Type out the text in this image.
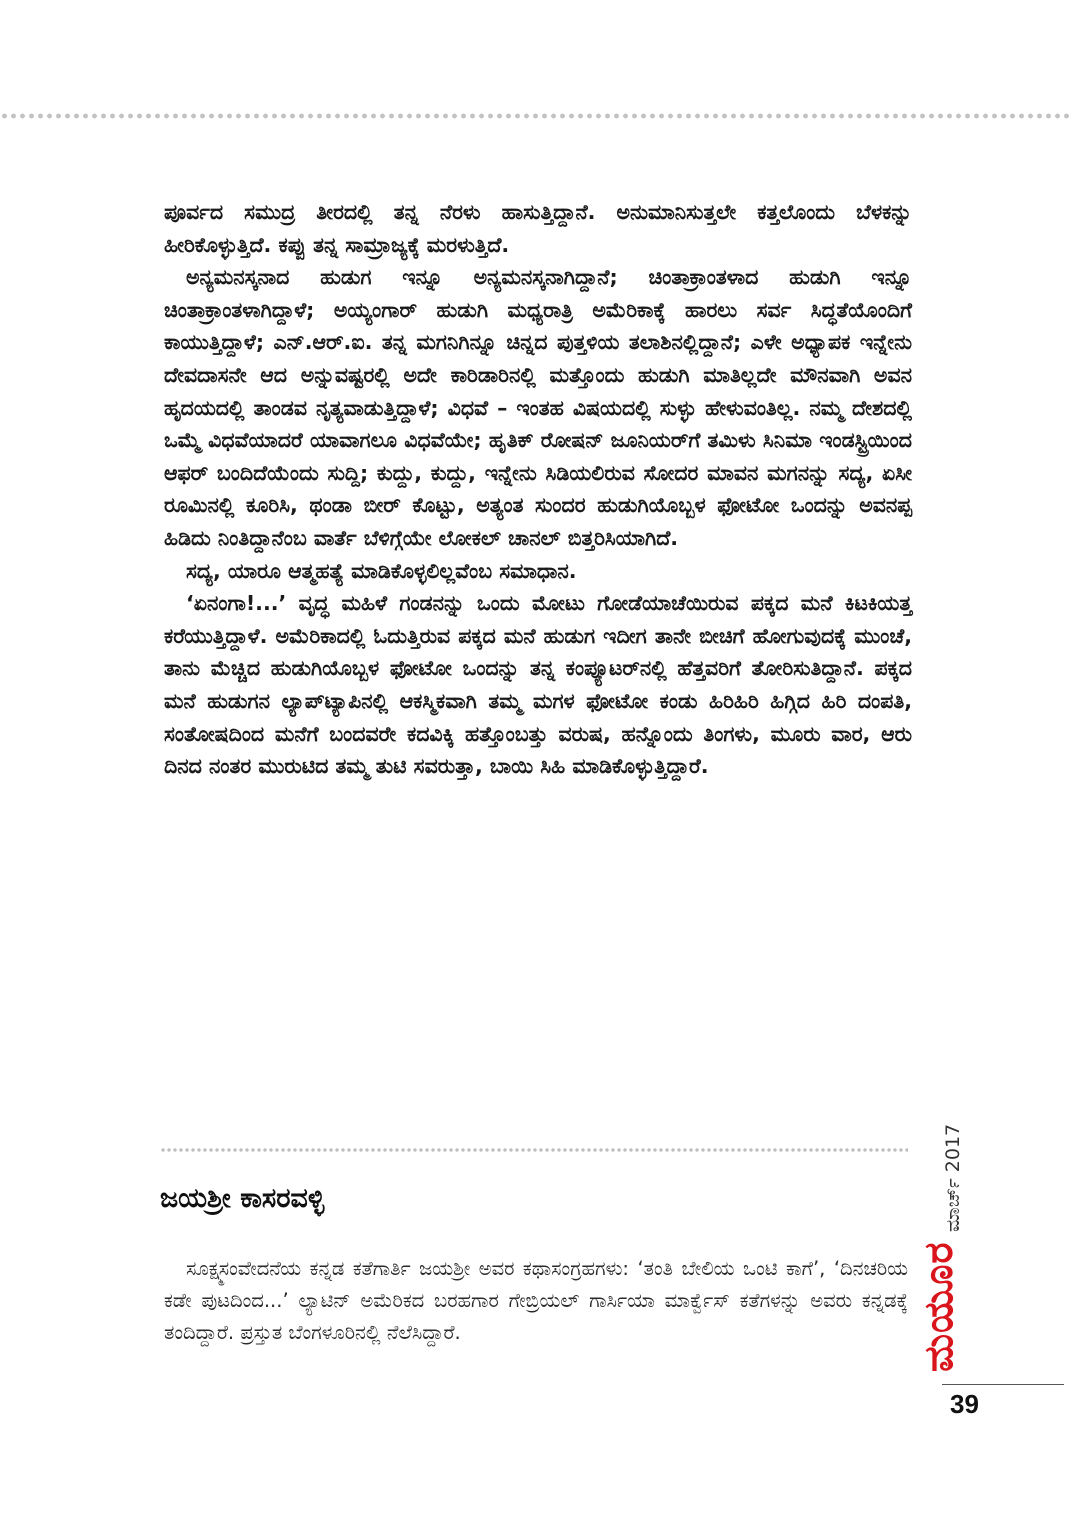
ಪೂರ್ವದ ಸಮುದ್ರ ತೀರದಲ್ಲಿ ತನ್ನ ನೆರಳು ಹಾಸುತ್ತಿದ್ದಾನೆ. ಅನುಮಾನಿಸುತ್ತಲೇ ಕತ್ತಲೊಂದು ಬೆಳಕನ್ನು ಹೀರಿಕೊಳ್ಳುತ್ತಿದೆ. ಕಪ್ಪು ತನ್ನ ಸಾಮ್ರಾಜ್ಯಕ್ಕೆ ಮರಳುತ್ತಿದೆ.

ಅನ್ಯಮನಸ್ಕನಾದ ಹುಡುಗ ಇನ್ನೂ ಅನ್ಯಮನಸ್ಕನಾಗಿದ್ದಾನೆ; ಚಿಂತಾಕ್ರಾಂತಳಾದ ಹುಡುಗಿ ಇನ್ನೂ ಚಿಂತಾಕ್ರಾಂತಳಾಗಿದ್ದಾಳೆ; ಅಯ್ಯಂಗಾರ್ ಹುಡುಗಿ ಮಧ್ಯರಾತ್ರಿ ಅಮೆರಿಕಾಕ್ಕೆ ಹಾರಲು ಸರ್ವ ಸಿದ್ಧತೆಯೊಂದಿಗೆ ಕಾಯುತ್ತಿದ್ದಾಳೆ; ಎನ್.ಆರ್.ಐ. ತನ್ನ ಮಗನಿಗಿನ್ನೂ ಚಿನ್ನದ ಪುತ್ತಳಿಯ ತಲಾಶಿನಲ್ಲಿದ್ದಾನೆ; ಎಳೇ ಅಧ್ಯಾಪಕ ಇನ್ನೇನು ದೇವದಾಸನೇ ಆದ ಅನ್ನುವಷ್ಟರಲ್ಲಿ ಅದೇ ಕಾರಿಡಾರಿನಲ್ಲಿ ಮತ್ತೊಂದು ಹುಡುಗಿ ಮಾತಿಲ್ಲದೇ ಮೌನವಾಗಿ ಅವನ ಹೃದಯದಲ್ಲಿ ತಾಂಡವ ನೃತ್ಯವಾಡುತ್ತಿದ್ದಾಳೆ; ವಿಧವೆ – ಇಂತಹ ವಿಷಯದಲ್ಲಿ ಸುಳ್ಳು ಹೇಳುವಂತಿಲ್ಲ. ನಮ್ಮ ದೇಶದಲ್ಲಿ ಒಮ್ಮೆ ವಿಧವೆಯಾದರೆ ಯಾವಾಗಲೂ ವಿಧವೆಯೇ; ಹೃತಿಕ್ ರೋಷನ್ ಜೂನಿಯರ್‌ಗೆ ತಮಿಳು ಸಿನಿಮಾ ಇಂಡಸ್ಟ್ರಿಯಿಂದ ಆಫರ್ ಬಂದಿದೆಯೆಂದು ಸುದ್ದಿ; ಕುದ್ದು, ಕುದ್ದು, ಇನ್ನೇನು ಸಿಡಿಯಲಿರುವ ಸೋದರ ಮಾವನ ಮಗನನ್ನು ಸದ್ಯ, ಏಸೀ ರೂಮಿನಲ್ಲಿ ಕೂರಿಸಿ, ಥಂಡಾ ಬೀರ್ ಕೊಟ್ಟು, ಅತ್ಯಂತ ಸುಂದರ ಹುಡುಗಿಯೊಬ್ಬಳ ಫೋಟೋ ಒಂದನ್ನು ಅವನಪ್ಪ ಹಿಡಿದು ನಿಂತಿದ್ದಾನೆಂಬ ವಾರ್ತೆ ಬೆಳಿಗ್ಗೆಯೇ ಲೋಕಲ್ ಚಾನಲ್ ಬಿತ್ತರಿಸಿಯಾಗಿದೆ.

ಸದ್ಯ, ಯಾರೂ ಆತ್ಮಹತ್ಯೆ ಮಾಡಿಕೊಳ್ಳಲಿಲ್ಲವೆಂಬ ಸಮಾಧಾನ.

‘ಏನಂಗಾ!...’ ವೃದ್ಧ ಮಹಿಳೆ ಗಂಡನನ್ನು ಒಂದು ಮೋಟು ಗೋಡೆಯಾಚೆಯಿರುವ ಪಕ್ಕದ ಮನೆ ಕಿಟಕಿಯತ್ತ ಕರೆಯುತ್ತಿದ್ದಾಳೆ. ಅಮೆರಿಕಾದಲ್ಲಿ ಓದುತ್ತಿರುವ ಪಕ್ಕದ ಮನೆ ಹುಡುಗ ಇದೀಗ ತಾನೇ ಬೀಚಿಗೆ ಹೋಗುವುದಕ್ಕೆ ಮುಂಚೆ, ತಾನು ಮೆಚ್ಚಿದ ಹುಡುಗಿಯೊಬ್ಬಳ ಫೋಟೋ ಒಂದನ್ನು ತನ್ನ ಕಂಪ್ಯೂಟರ್‌ನಲ್ಲಿ ಹೆತ್ತವರಿಗೆ ತೋರಿಸುತಿದ್ದಾನೆ. ಪಕ್ಕದ ಮನೆ ಹುಡುಗನ ಲ್ಯಾಪ್‌ಟ್ಯಾಪಿನಲ್ಲಿ ಆಕಸ್ಮಿಕವಾಗಿ ತಮ್ಮ ಮಗಳ ಫೋಟೋ ಕಂಡು ಹಿರಿಹಿರಿ ಹಿಗ್ಗಿದ ಹಿರಿ ದಂಪತಿ, ಸಂತೋಷದಿಂದ ಮನೆಗೆ ಬಂದವರೇ ಕದವಿಕ್ಕಿ ಹತ್ತೊಂಬತ್ತು ವರುಷ, ಹನ್ನೊಂದು ತಿಂಗಳು, ಮೂರು ವಾರ, ಆರು ದಿನದ ನಂತರ ಮುರುಟಿದ ತಮ್ಮ ತುಟಿ ಸವರುತ್ತಾ, ಬಾಯಿ ಸಿಹಿ ಮಾಡಿಕೊಳ್ಳುತ್ತಿದ್ದಾರೆ.

ಜಯಶ್ರೀ ಕಾಸರವಳ್ಳಿ

ಸೂಕ್ಷ್ಮಸಂವೇದನೆಯ ಕನ್ನಡ ಕತೆಗಾರ್ತಿ ಜಯಶ್ರೀ ಅವರ ಕಥಾಸಂಗ್ರಹಗಳು: ‘ತಂತಿ ಬೇಲಿಯ ಒಂಟಿ ಕಾಗೆ’, ‘ದಿನಚರಿಯ ಕಡೇ ಪುಟದಿಂದ...’ ಲ್ಯಾಟಿನ್ ಅಮೆರಿಕದ ಬರಹಗಾರ ಗೇಬ್ರಿಯಲ್ ಗಾರ್ಸಿಯಾ ಮಾರ್ಕ್ವೆಸ್ ಕತೆಗಳನ್ನು ಅವರು ಕನ್ನಡಕ್ಕೆ ತಂದಿದ್ದಾರೆ. ಪ್ರಸ್ತುತ ಬೆಂಗಳೂರಿನಲ್ಲಿ ನೆಲೆಸಿದ್ದಾರೆ.

ಮಾರ್ಚ್ 2017
ಮಯೂರ
39
